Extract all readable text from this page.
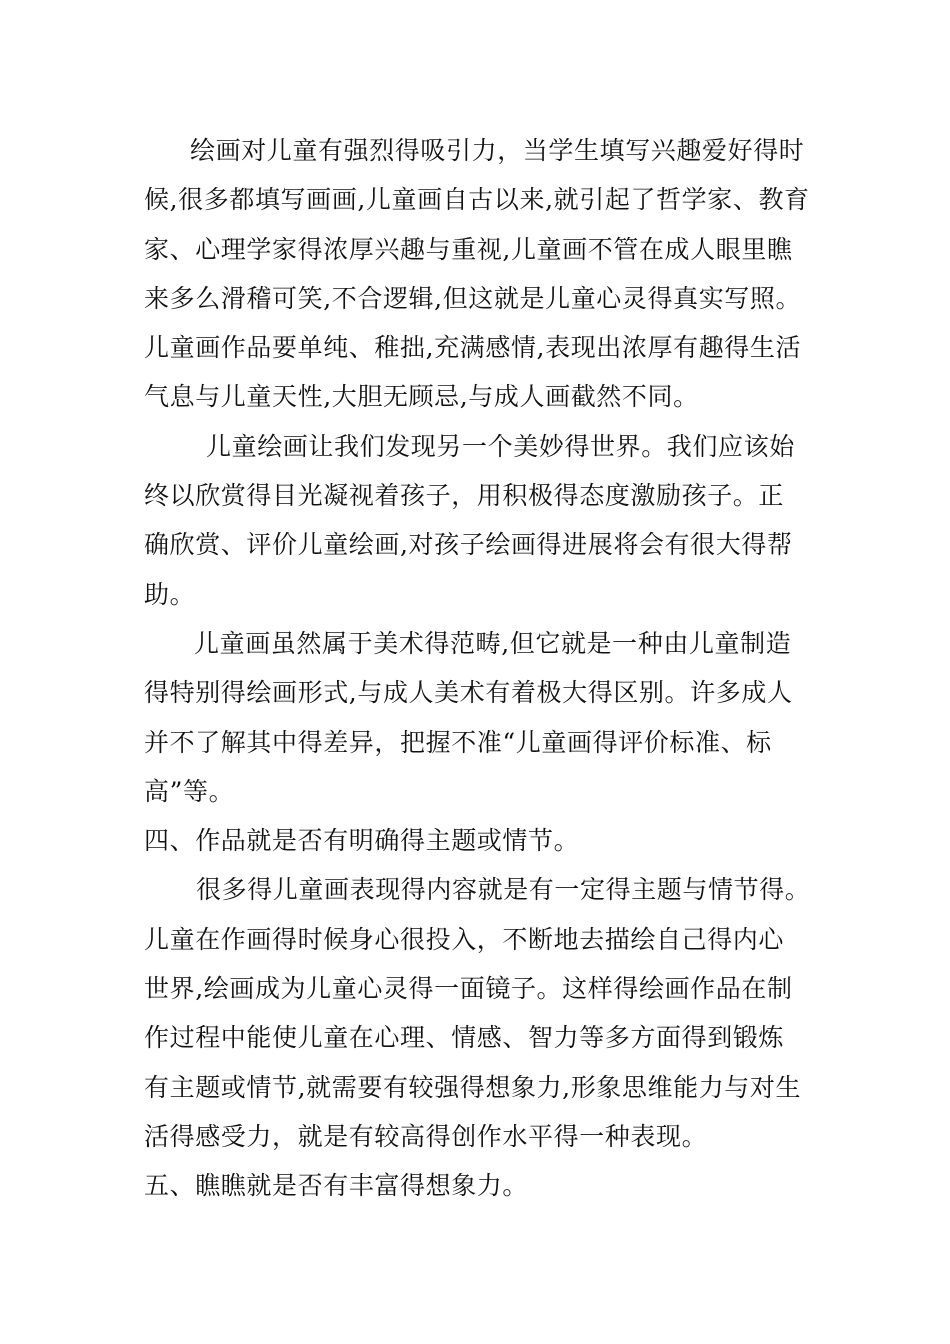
绘画对儿童有强烈得吸引力，当学生填写兴趣爱好得时
候,很多都填写画画,儿童画自古以来,就引起了哲学家、教育
家、心理学家得浓厚兴趣与重视,儿童画不管在成人眼里瞧
来多么滑稽可笑,不合逻辑,但这就是儿童心灵得真实写照。
儿童画作品要单纯、稚拙,充满感情,表现出浓厚有趣得生活
气息与儿童天性,大胆无顾忌,与成人画截然不同。
儿童绘画让我们发现另一个美妙得世界。我们应该始
终以欣赏得目光凝视着孩子，用积极得态度激励孩子。正
确欣赏、评价儿童绘画,对孩子绘画得进展将会有很大得帮
助。
儿童画虽然属于美术得范畴,但它就是一种由儿童制造
得特别得绘画形式,与成人美术有着极大得区别。许多成人
并不了解其中得差异，把握不准“儿童画得评价标准、标
高”等。
四、作品就是否有明确得主题或情节。
很多得儿童画表现得内容就是有一定得主题与情节得。
儿童在作画得时候身心很投入，不断地去描绘自己得内心
世界,绘画成为儿童心灵得一面镜子。这样得绘画作品在制
作过程中能使儿童在心理、情感、智力等多方面得到锻炼
有主题或情节,就需要有较强得想象力,形象思维能力与对生
活得感受力，就是有较高得创作水平得一种表现。
五、瞧瞧就是否有丰富得想象力。
